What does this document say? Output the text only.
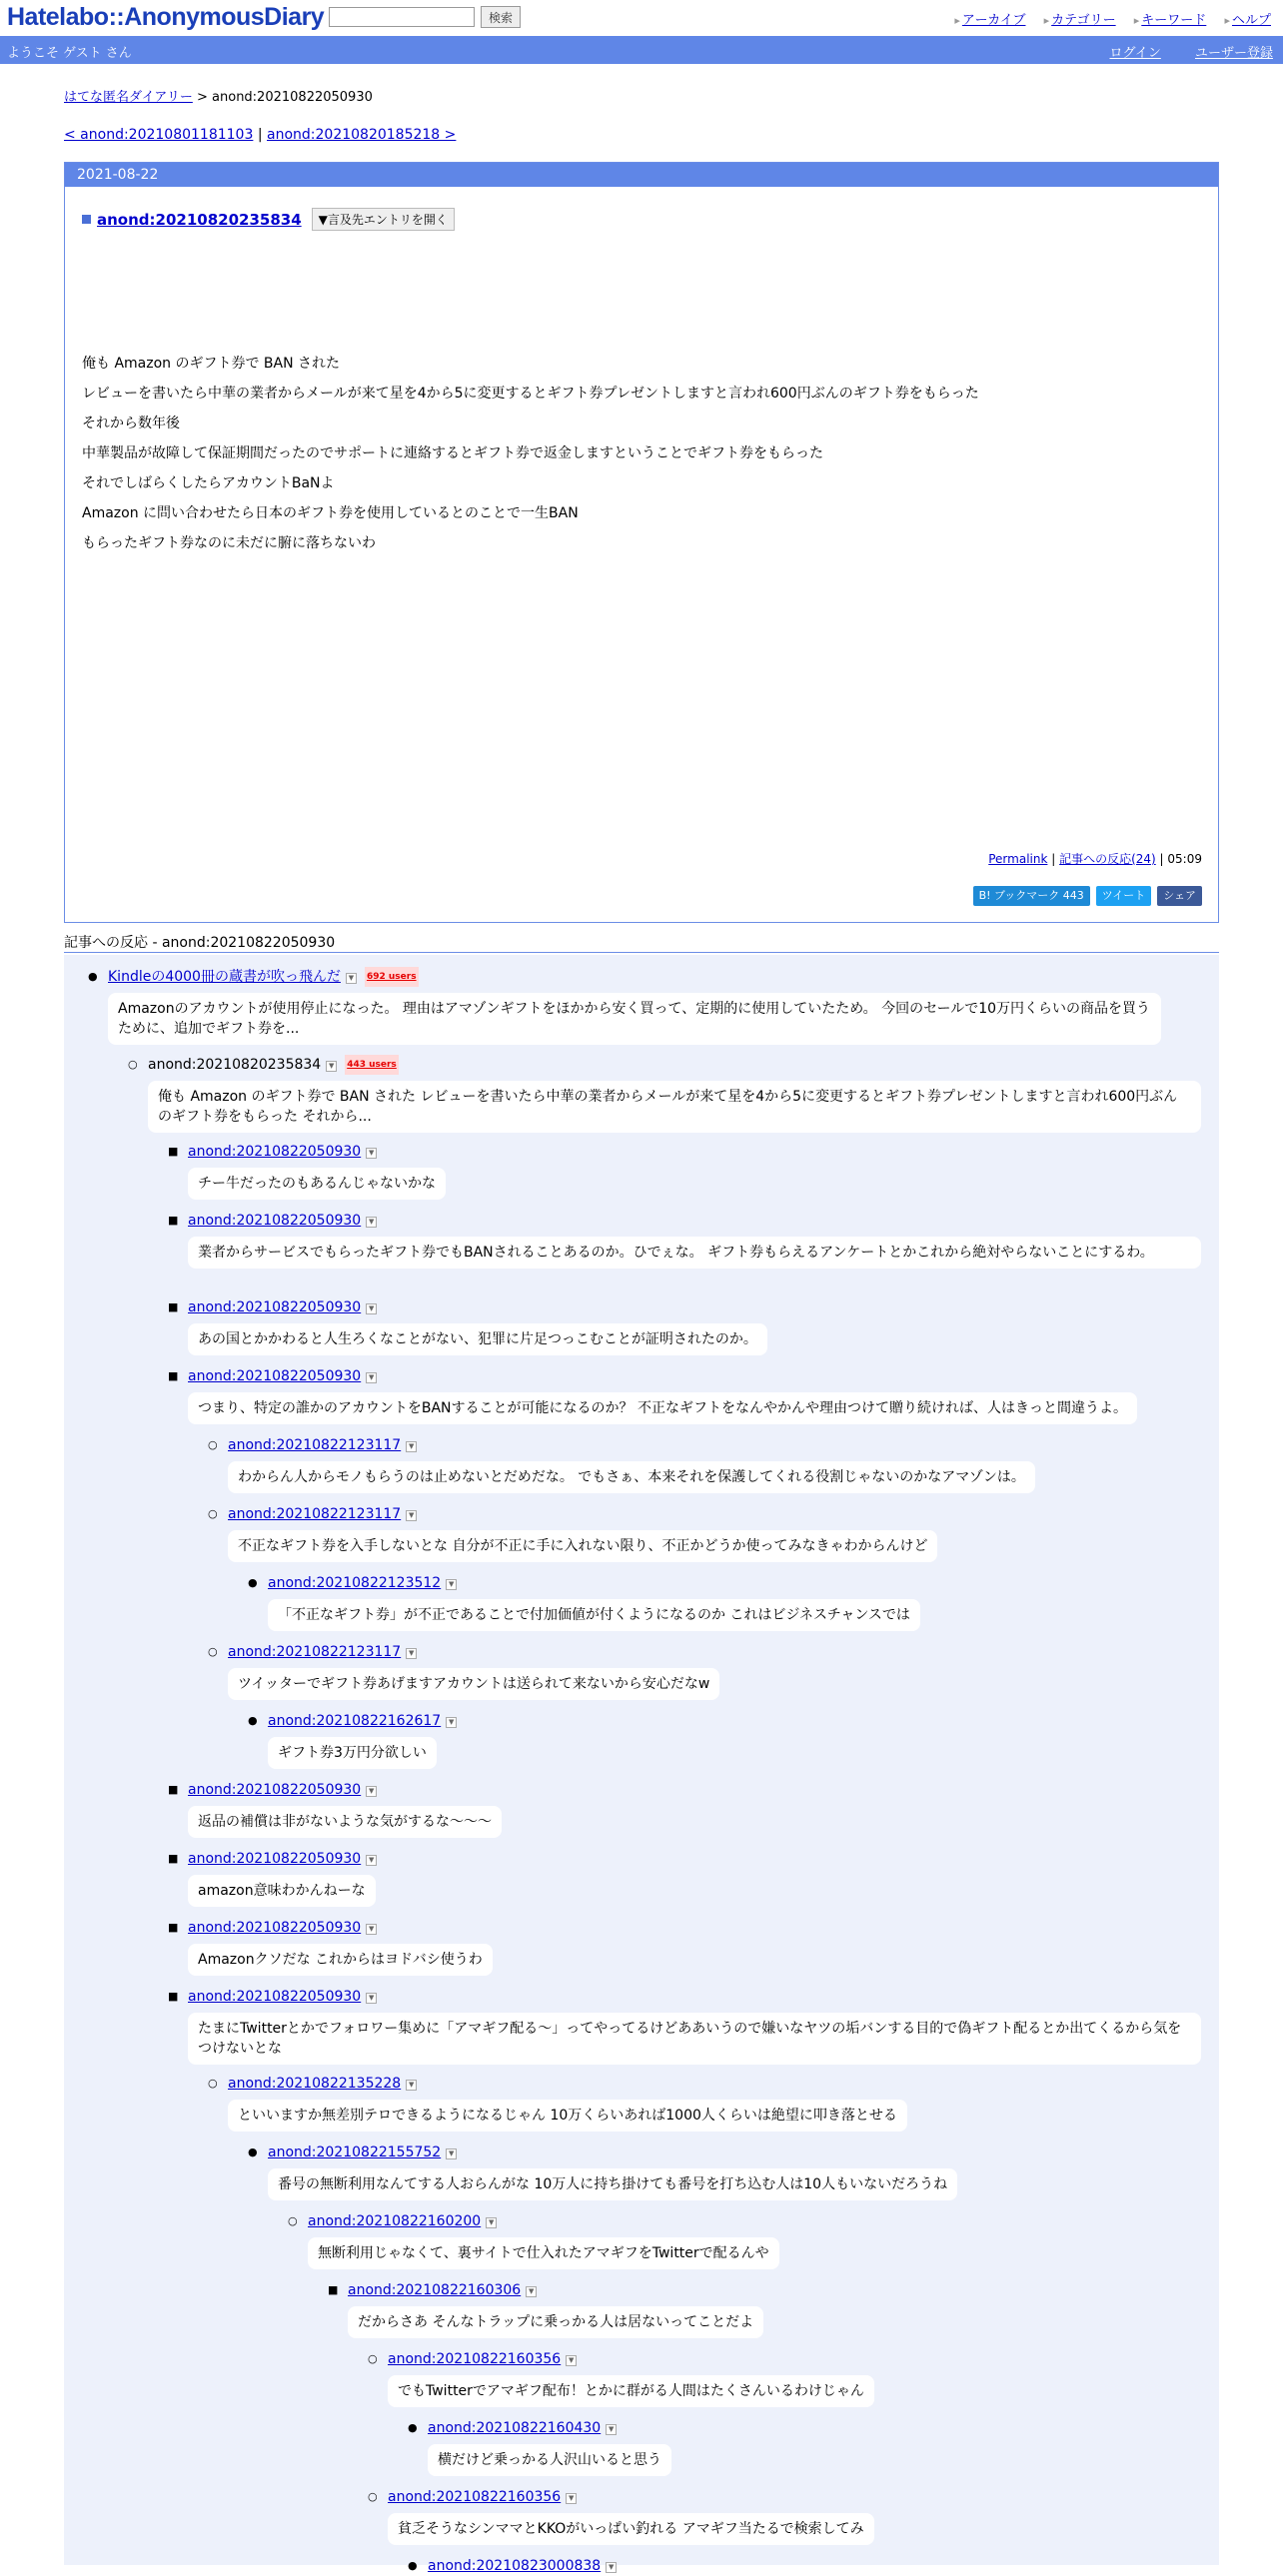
Hatelabo::AnonymousDiary	検索	▸ アーカイブ ▸ カテゴリー ▸ キーワード ▸ ヘルプ
ようこそ ゲスト さん	ログイン	ユーザー登録
はてな匿名ダイアリー > anond:20210822050930
< anond:20210801181103 | anond:20210820185218 >
2021-08-22
anond:20210820235834 ▼言及先エントリを開く
俺も Amazon のギフト券で BAN された
レビューを書いたら中華の業者からメールが来て星を4から5に変更するとギフト券プレゼントしますと言われ600円ぶんのギフト券をもらった
それから数年後
中華製品が故障して保証期間だったのでサポートに連絡するとギフト券で返金しますということでギフト券をもらった
それでしばらくしたらアカウントBaNよ
Amazon に問い合わせたら日本のギフト券を使用しているとのことで一生BAN
もらったギフト券なのに未だに腑に落ちないわ
Permalink | 記事への反応(24) | 05:09
B! ブックマーク 443 ツイート シェア
記事への反応 - anond:20210822050930
● Kindleの4000冊の蔵書が吹っ飛んだ ▼ 692 users
Amazonのアカウントが使用停止になった。 理由はアマゾンギフトをほかから安く買って、定期的に使用していたため。 今回のセールで10万円くらいの商品を買うために、追加でギフト券を...
○ anond:20210820235834 ▼ 443 users
俺も Amazon のギフト券で BAN された レビューを書いたら中華の業者からメールが来て星を4から5に変更するとギフト券プレゼントしますと言われ600円ぶんのギフト券をもらった それから...
■ anond:20210822050930 ▼
チー牛だったのもあるんじゃないかな
■ anond:20210822050930 ▼
業者からサービスでもらったギフト券でもBANされることあるのか。ひでぇな。 ギフト券もらえるアンケートとかこれから絶対やらないことにするわ。
■ anond:20210822050930 ▼
あの国とかかわると人生ろくなことがない、犯罪に片足つっこむことが証明されたのか。
■ anond:20210822050930 ▼
つまり、特定の誰かのアカウントをBANすることが可能になるのか？ 不正なギフトをなんやかんや理由つけて贈り続ければ、人はきっと間違うよ。
○ anond:20210822123117 ▼
わからん人からモノもらうのは止めないとだめだな。 でもさぁ、本来それを保護してくれる役割じゃないのかなアマゾンは。
○ anond:20210822123117 ▼
不正なギフト券を入手しないとな 自分が不正に手に入れない限り、不正かどうか使ってみなきゃわからんけど
● anond:20210822123512 ▼
「不正なギフト券」が不正であることで付加価値が付くようになるのか これはビジネスチャンスでは
○ anond:20210822123117 ▼
ツイッターでギフト券あげますアカウントは送られて来ないから安心だなw
● anond:20210822162617 ▼
ギフト券3万円分欲しい
■ anond:20210822050930 ▼
返品の補償は非がないような気がするな～～～
■ anond:20210822050930 ▼
amazon意味わかんねーな
■ anond:20210822050930 ▼
Amazonクソだな これからはヨドバシ使うわ
■ anond:20210822050930 ▼
たまにTwitterとかでフォロワー集めに「アマギフ配る～」ってやってるけどああいうので嫌いなヤツの垢バンする目的で偽ギフト配るとか出てくるから気をつけないとな
○ anond:20210822135228 ▼
といいますか無差別テロできるようになるじゃん 10万くらいあれば1000人くらいは絶望に叩き落とせる
● anond:20210822155752 ▼
番号の無断利用なんてする人おらんがな 10万人に持ち掛けても番号を打ち込む人は10人もいないだろうね
○ anond:20210822160200 ▼
無断利用じゃなくて、裏サイトで仕入れたアマギフをTwitterで配るんや
■ anond:20210822160306 ▼
だからさあ そんなトラップに乗っかる人は居ないってことだよ
○ anond:20210822160356 ▼
でもTwitterでアマギフ配布！とかに群がる人間はたくさんいるわけじゃん
● anond:20210822160430 ▼
横だけど乗っかる人沢山いると思う
○ anond:20210822160356 ▼
貧乏そうなシンママとKKOがいっぱい釣れる アマギフ当たるで検索してみ
● anond:20210823000838 ▼
